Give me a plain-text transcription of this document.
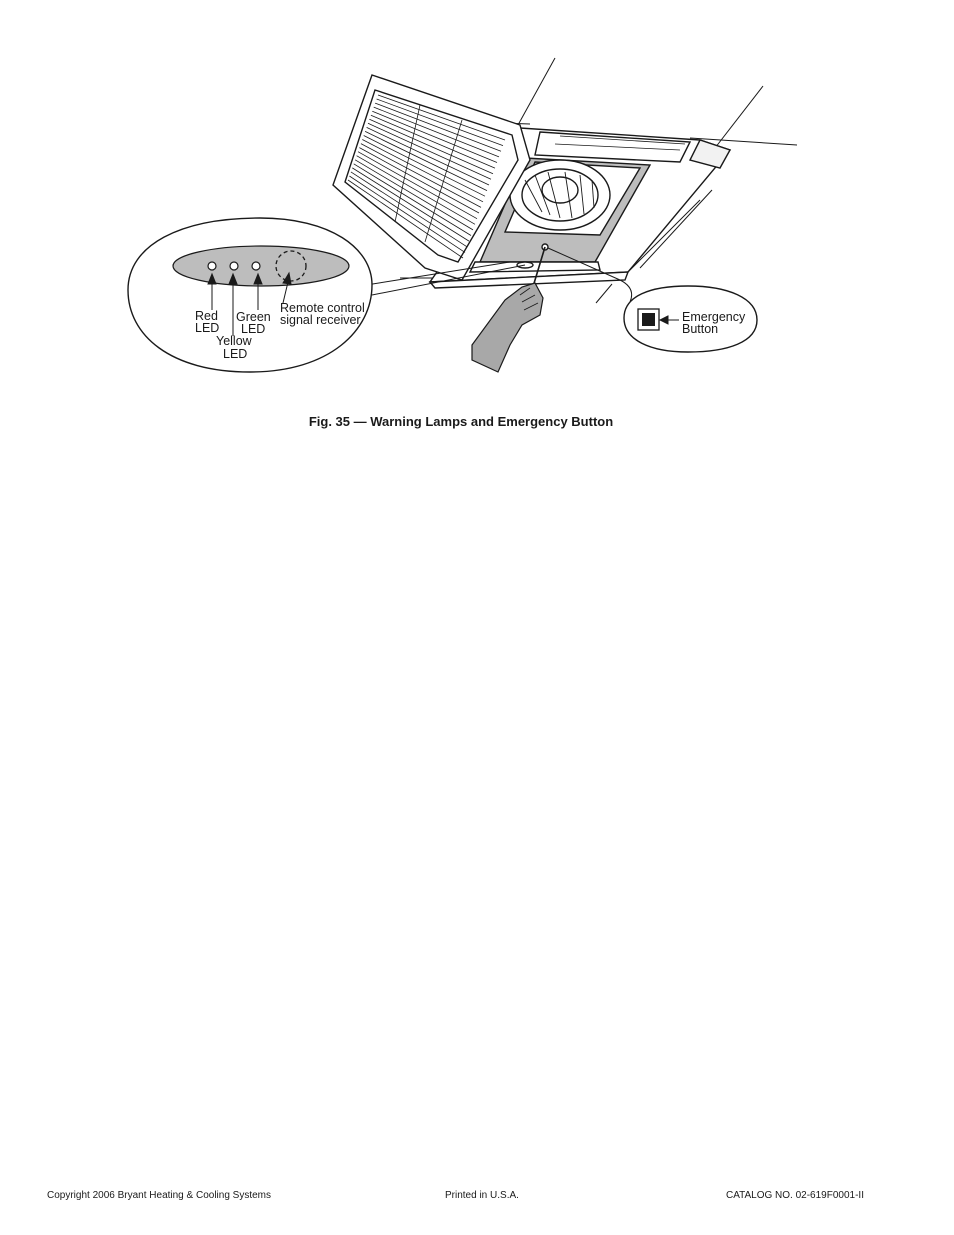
Red LED
Green LED
Yellow LED
Remote control signal receiver	Emergency Button
Fig. 35 — Warning Lamps and Emergency Button
Copyright 2006 Bryant Heating & Cooling Systems	Printed in U.S.A.	CATALOG NO. 02-619F0001-II
